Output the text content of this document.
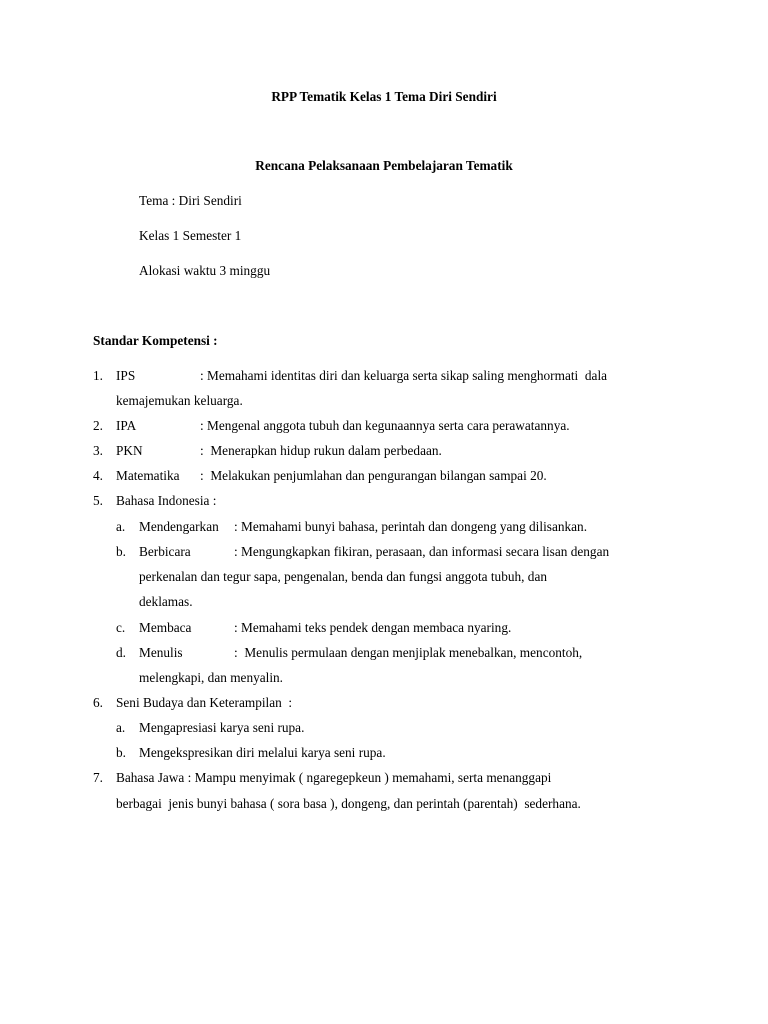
RPP Tematik Kelas 1 Tema Diri Sendiri
Rencana Pelaksanaan Pembelajaran Tematik
Tema : Diri Sendiri
Kelas 1 Semester 1
Alokasi waktu 3 minggu
Standar Kompetensi :
1. IPS	: Memahami identitas diri dan keluarga serta sikap saling menghormati  dala
kemajemukan keluarga.
2. IPA	: Mengenal anggota tubuh dan kegunaannya serta cara perawatannya.
3. PKN	:  Menerapkan hidup rukun dalam perbedaan.
4. Matematika :  Melakukan penjumlahan dan pengurangan bilangan sampai 20.
5. Bahasa Indonesia :
a. Mendengarkan : Memahami bunyi bahasa, perintah dan dongeng yang dilisankan.
b. Berbicara	: Mengungkapkan fikiran, perasaan, dan informasi secara lisan dengan
perkenalan dan tegur sapa, pengenalan, benda dan fungsi anggota tubuh, dan
deklamas.
c. Membaca	: Memahami teks pendek dengan membaca nyaring.
d. Menulis	:  Menulis permulaan dengan menjiplak menebalkan, mencontoh,
melengkapi, dan menyalin.
6. Seni Budaya dan Keterampilan  :
a. Mengapresiasi karya seni rupa.
b. Mengekspresikan diri melalui karya seni rupa.
7. Bahasa Jawa : Mampu menyimak ( ngaregepkeun ) memahami, serta menanggapi
berbagai  jenis bunyi bahasa ( sora basa ), dongeng, dan perintah (parentah)  sederhana.
